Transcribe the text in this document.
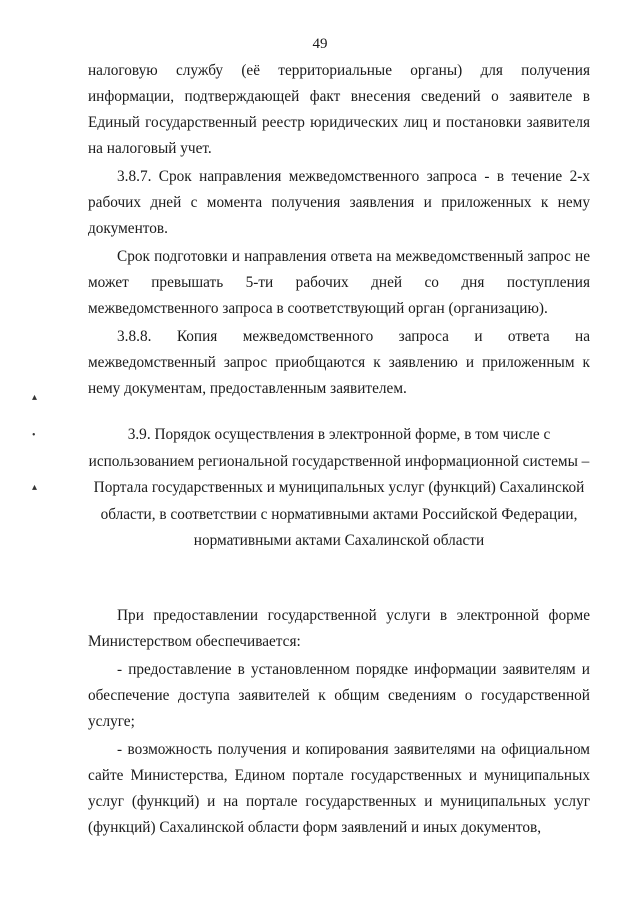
49

налоговую службу (её территориальные органы) для получения информации, подтверждающей факт внесения сведений о заявителе в Единый государственный реестр юридических лиц и постановки заявителя на налоговый учет.

3.8.7. Срок направления межведомственного запроса - в течение 2-х рабочих дней с момента получения заявления и приложенных к нему документов.

Срок подготовки и направления ответа на межведомственный запрос не может превышать 5-ти рабочих дней со дня поступления межведомственного запроса в соответствующий орган (организацию).

3.8.8. Копия межведомственного запроса и ответа на межведомственный запрос приобщаются к заявлению и приложенным к нему документам, предоставленным заявителем.

3.9. Порядок осуществления в электронной форме, в том числе с использованием региональной государственной информационной системы – Портала государственных и муниципальных услуг (функций) Сахалинской области, в соответствии с нормативными актами Российской Федерации, нормативными актами Сахалинской области

При предоставлении государственной услуги в электронной форме Министерством обеспечивается:

- предоставление в установленном порядке информации заявителям и обеспечение доступа заявителей к общим сведениям о государственной услуге;

- возможность получения и копирования заявителями на официальном сайте Министерства, Едином портале государственных и муниципальных услуг (функций) и на портале государственных и муниципальных услуг (функций) Сахалинской области форм заявлений и иных документов,

▴
•
▴
